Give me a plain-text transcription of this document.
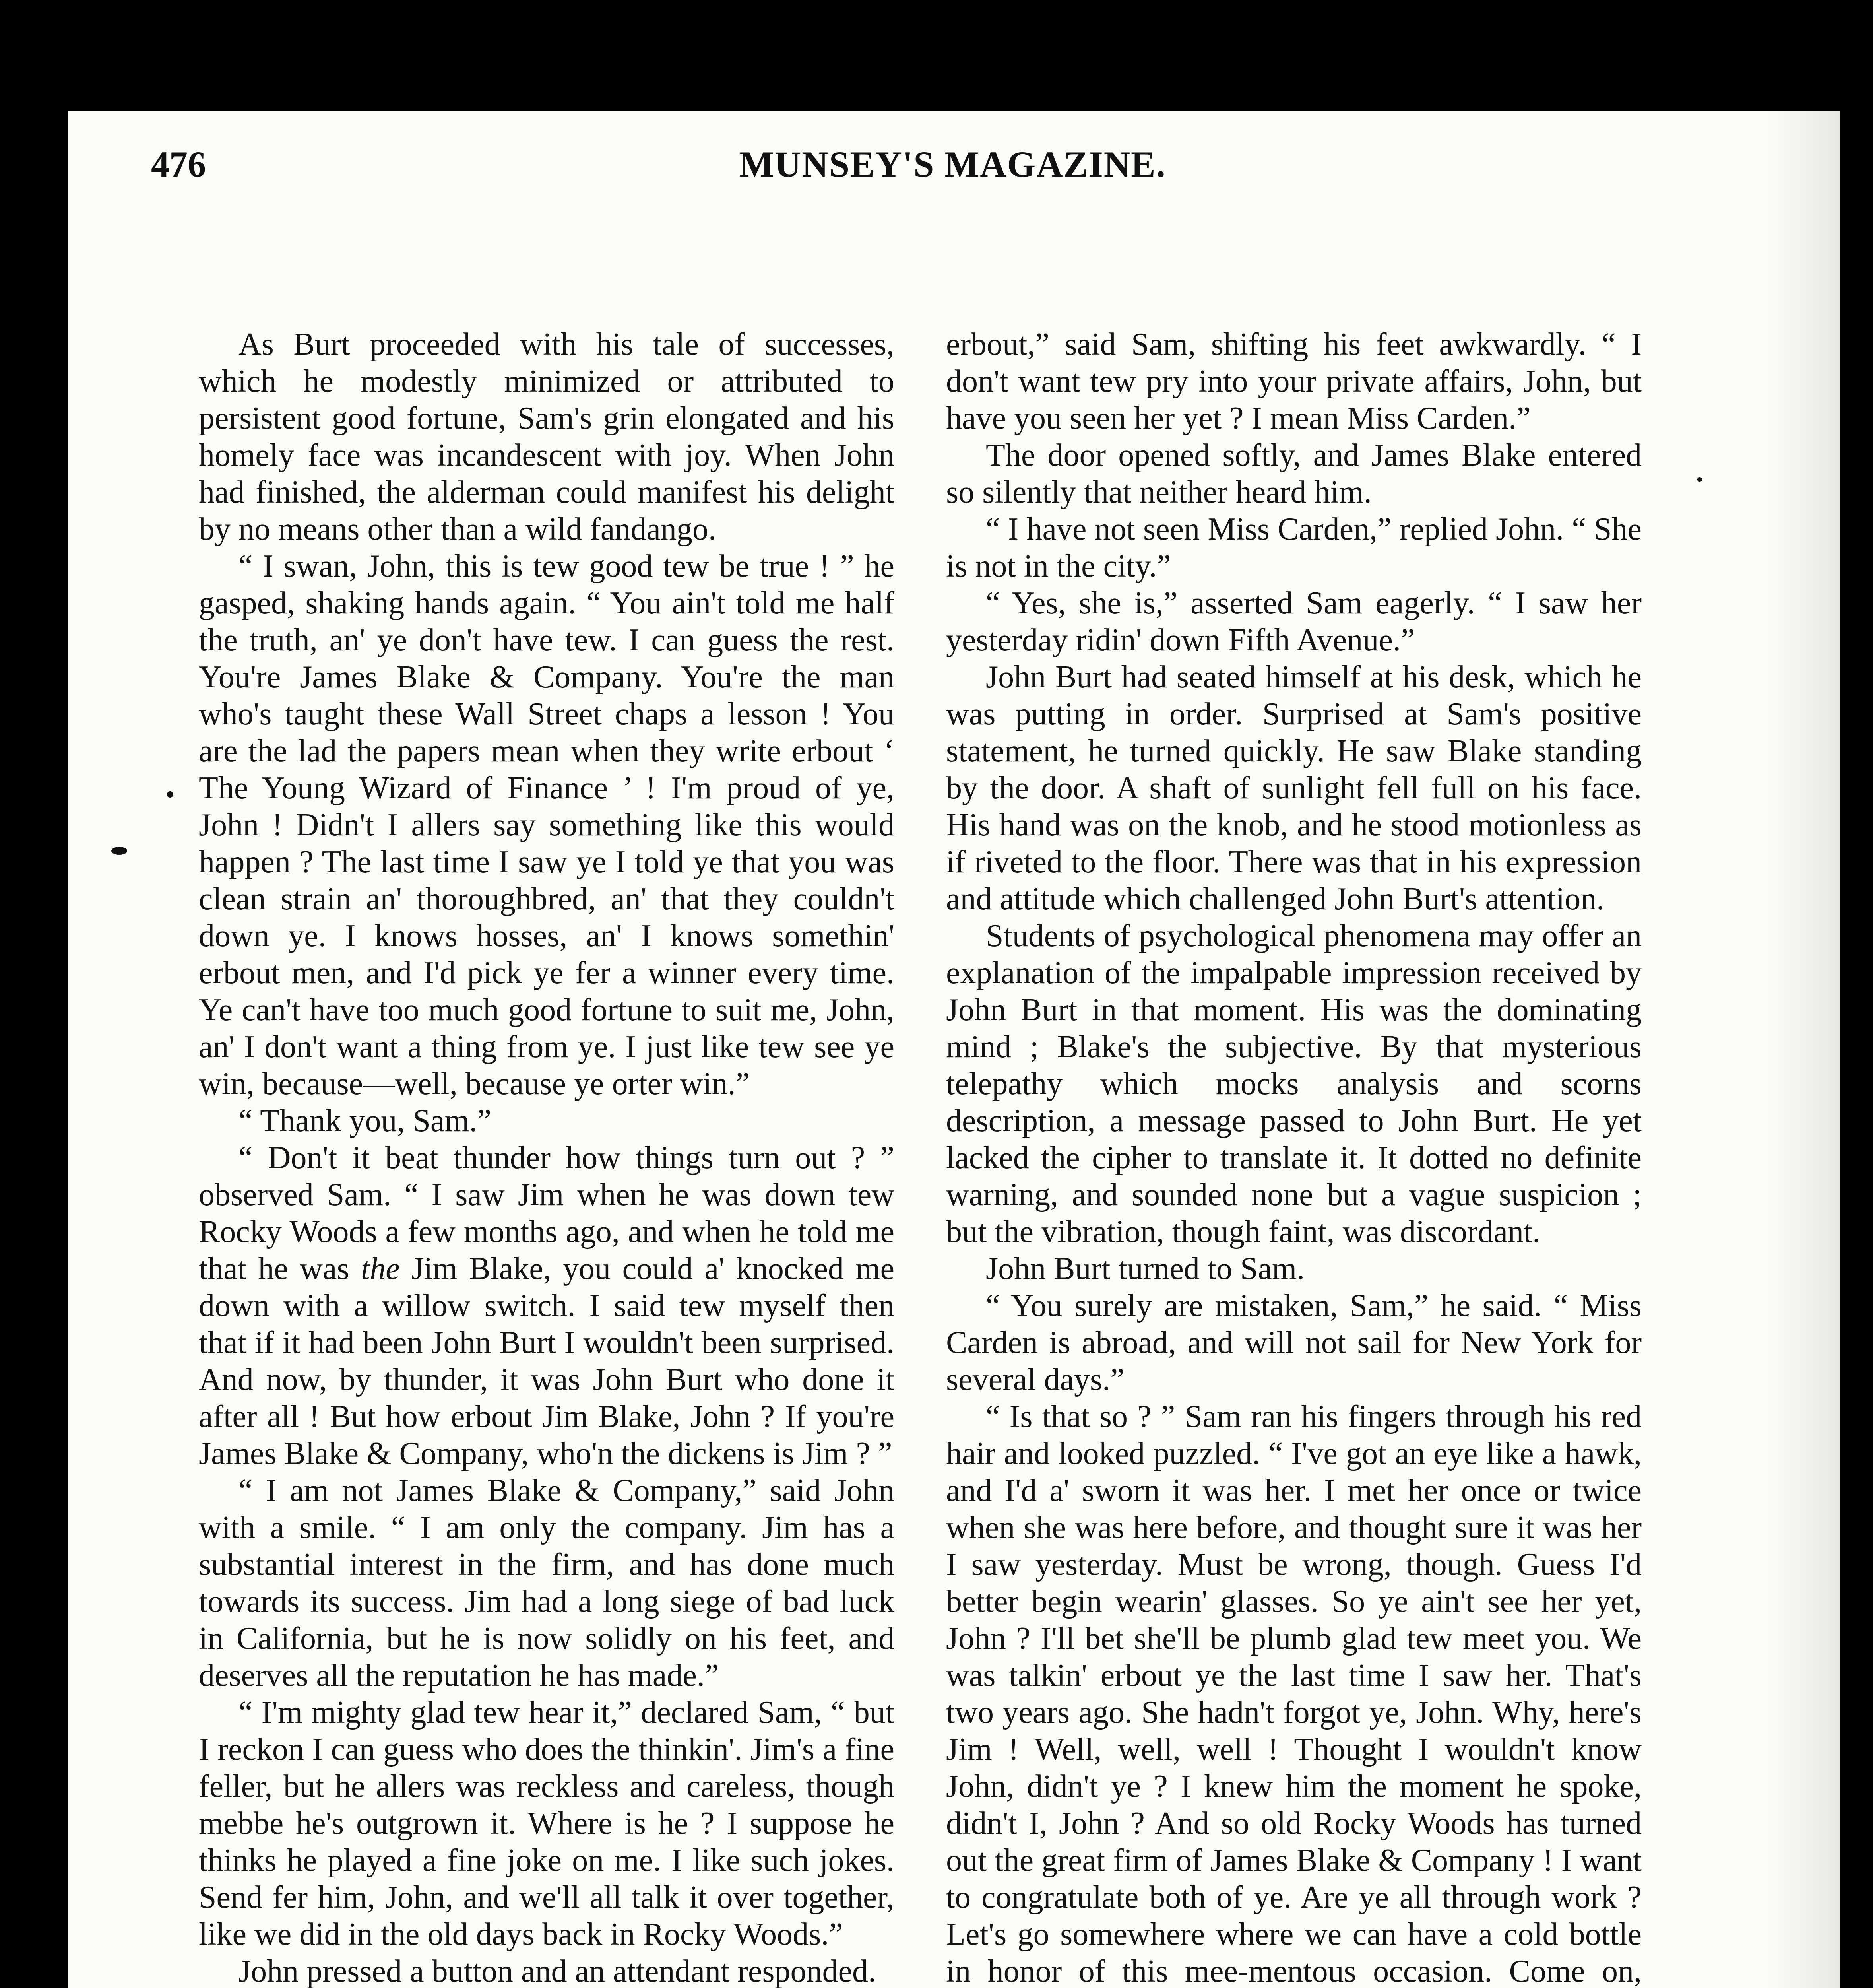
476	MUNSEY'S MAGAZINE.

As Burt proceeded with his tale of successes, which he modestly minimized or attributed to persistent good fortune, Sam's grin elongated and his homely face was incandescent with joy. When John had finished, the alderman could manifest his delight by no means other than a wild fandango.

“ I swan, John, this is tew good tew be true ! ” he gasped, shaking hands again. “ You ain't told me half the truth, an' ye don't have tew. I can guess the rest. You're James Blake & Company. You're the man who's taught these Wall Street chaps a lesson ! You are the lad the papers mean when they write erbout ‘ The Young Wizard of Finance ’ ! I'm proud of ye, John ! Didn't I allers say something like this would happen ? The last time I saw ye I told ye that you was clean strain an' thoroughbred, an' that they couldn't down ye. I knows hosses, an' I knows somethin' erbout men, and I'd pick ye fer a winner every time. Ye can't have too much good fortune to suit me, John, an' I don't want a thing from ye. I just like tew see ye win, because—well, because ye orter win.”

“ Thank you, Sam.”

“ Don't it beat thunder how things turn out ? ” observed Sam. “ I saw Jim when he was down tew Rocky Woods a few months ago, and when he told me that he was the Jim Blake, you could a' knocked me down with a willow switch. I said tew myself then that if it had been John Burt I wouldn't been surprised. And now, by thunder, it was John Burt who done it after all ! But how erbout Jim Blake, John ? If you're James Blake & Company, who'n the dickens is Jim ? ”

“ I am not James Blake & Company,” said John with a smile. “ I am only the company. Jim has a substantial interest in the firm, and has done much towards its success. Jim had a long siege of bad luck in California, but he is now solidly on his feet, and deserves all the reputation he has made.”

“ I'm mighty glad tew hear it,” declared Sam, “ but I reckon I can guess who does the thinkin'. Jim's a fine feller, but he allers was reckless and careless, though mebbe he's outgrown it. Where is he ? I suppose he thinks he played a fine joke on me. I like such jokes. Send fer him, John, and we'll all talk it over together, like we did in the old days back in Rocky Woods.”

John pressed a button and an attendant responded.

erbout,” said Sam, shifting his feet awkwardly. “ I don't want tew pry into your private affairs, John, but have you seen her yet ? I mean Miss Carden.”

The door opened softly, and James Blake entered so silently that neither heard him.

“ I have not seen Miss Carden,” replied John. “ She is not in the city.”

“ Yes, she is,” asserted Sam eagerly. “ I saw her yesterday ridin' down Fifth Avenue.”

John Burt had seated himself at his desk, which he was putting in order. Surprised at Sam's positive statement, he turned quickly. He saw Blake standing by the door. A shaft of sunlight fell full on his face. His hand was on the knob, and he stood motionless as if riveted to the floor. There was that in his expression and attitude which challenged John Burt's attention.

Students of psychological phenomena may offer an explanation of the impalpable impression received by John Burt in that moment. His was the dominating mind ; Blake's the subjective. By that mysterious telepathy which mocks analysis and scorns description, a message passed to John Burt. He yet lacked the cipher to translate it. It dotted no definite warning, and sounded none but a vague suspicion ; but the vibration, though faint, was discordant.

John Burt turned to Sam.

“ You surely are mistaken, Sam,” he said. “ Miss Carden is abroad, and will not sail for New York for several days.”

“ Is that so ? ” Sam ran his fingers through his red hair and looked puzzled. “ I've got an eye like a hawk, and I'd a' sworn it was her. I met her once or twice when she was here before, and thought sure it was her I saw yesterday. Must be wrong, though. Guess I'd better begin wearin' glasses. So ye ain't see her yet, John ? I'll bet she'll be plumb glad tew meet you. We was talkin' erbout ye the last time I saw her. That's two years ago. She hadn't forgot ye, John. Why, here's Jim ! Well, well, well ! Thought I wouldn't know John, didn't ye ? I knew him the moment he spoke, didn't I, John ? And so old Rocky Woods has turned out the great firm of James Blake & Company ! I want to congratulate both of ye. Are ye all through work ? Let's go somewhere where we can have a cold bottle in honor of this mee-mentous occasion. Come on,
